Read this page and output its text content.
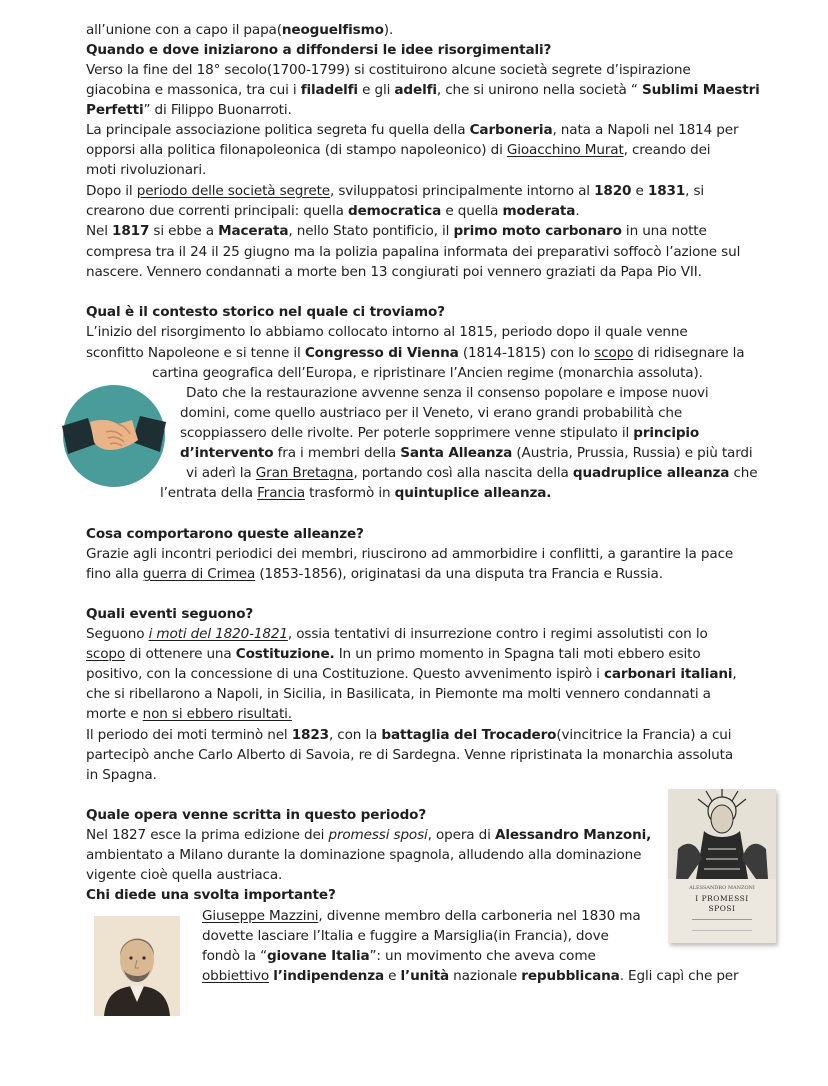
all’unione con a capo il papa(neoguelfismo).
Quando e dove iniziarono a diffondersi le idee risorgimentali?
Verso la fine del 18° secolo(1700-1799) si costituirono alcune società segrete d’ispirazione
giacobina e massonica, tra cui i filadelfi e gli adelfi, che si unirono nella società “ Sublimi Maestri
Perfetti” di Filippo Buonarroti.
La principale associazione politica segreta fu quella della Carboneria, nata a Napoli nel 1814 per
opporsi alla politica filonapoleonica (di stampo napoleonico) di Gioacchino Murat, creando dei
moti rivoluzionari.
Dopo il periodo delle società segrete, sviluppatosi principalmente intorno al 1820 e 1831, si
crearono due correnti principali: quella democratica e quella moderata.
Nel 1817 si ebbe a Macerata, nello Stato pontificio, il primo moto carbonaro in una notte
compresa tra il 24 il 25 giugno ma la polizia papalina informata dei preparativi soffocò l’azione sul
nascere. Vennero condannati a morte ben 13 congiurati poi vennero graziati da Papa Pio VII.
Qual è il contesto storico nel quale ci troviamo?
L’inizio del risorgimento lo abbiamo collocato intorno al 1815, periodo dopo il quale venne
sconfitto Napoleone e si tenne il Congresso di Vienna (1814-1815) con lo scopo di ridisegnare la
cartina geografica dell’Europa, e ripristinare l’Ancien regime (monarchia assoluta).
Dato che la restaurazione avvenne senza il consenso popolare e impose nuovi
domini, come quello austriaco per il Veneto, vi erano grandi probabilità che
scoppiassero delle rivolte. Per poterle sopprimere venne stipulato il principio
d’intervento fra i membri della Santa Alleanza (Austria, Prussia, Russia) e più tardi
vi aderì la Gran Bretagna, portando così alla nascita della quadruplice alleanza che
l’entrata della Francia trasformò in quintuplice alleanza.
Cosa comportarono queste alleanze?
Grazie agli incontri periodici dei membri, riuscirono ad ammorbidire i conflitti, a garantire la pace
fino alla guerra di Crimea (1853-1856), originatasi da una disputa tra Francia e Russia.
Quali eventi seguono?
Seguono i moti del 1820-1821, ossia tentativi di insurrezione contro i regimi assolutisti con lo
scopo di ottenere una Costituzione. In un primo momento in Spagna tali moti ebbero esito
positivo, con la concessione di una Costituzione. Questo avvenimento ispirò i carbonari italiani,
che si ribellarono a Napoli, in Sicilia, in Basilicata, in Piemonte ma molti vennero condannati a
morte e non si ebbero risultati.
Il periodo dei moti terminò nel 1823, con la battaglia del Trocadero(vincitrice la Francia) a cui
partecipò anche Carlo Alberto di Savoia, re di Sardegna. Venne ripristinata la monarchia assoluta
in Spagna.
Quale opera venne scritta in questo periodo?
Nel 1827 esce la prima edizione dei promessi sposi, opera di Alessandro Manzoni,
ambientato a Milano durante la dominazione spagnola, alludendo alla dominazione
vigente cioè quella austriaca.
Chi diede una svolta importante?
Giuseppe Mazzini, divenne membro della carboneria nel 1830 ma
dovette lasciare l’Italia e fuggire a Marsiglia(in Francia), dove
fondò la “giovane Italia”: un movimento che aveva come
obbiettivo l’indipendenza e l’unità nazionale repubblicana. Egli capì che per
ALESSANDRO MANZONI
I PROMESSI
SPOSI
